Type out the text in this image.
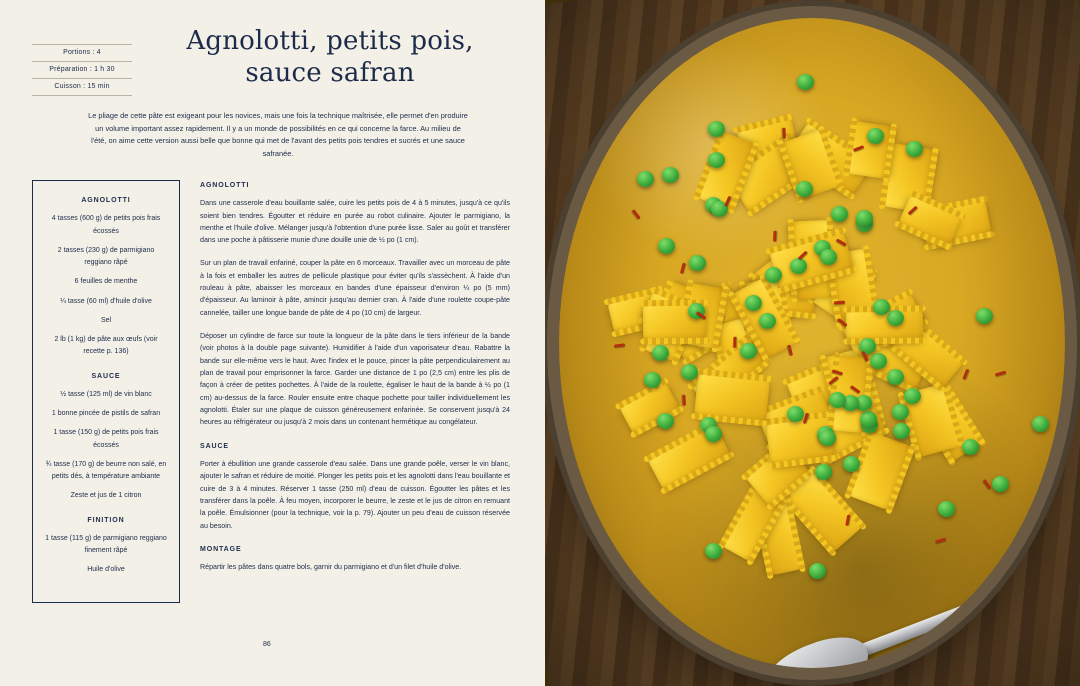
Portions : 4
Préparation : 1 h 30
Cuisson : 15 min
Agnolotti, petits pois,
sauce safran
Le pliage de cette pâte est exigeant pour les novices, mais une fois la technique maîtrisée, elle permet d'en produire un volume important assez rapidement. Il y a un monde de possibilités en ce qui concerne la farce. Au milieu de l'été, on aime cette version aussi belle que bonne qui met de l'avant des petits pois tendres et sucrés et une sauce safranée.
AGNOLOTTI
4 tasses (600 g) de petits pois frais écossés
2 tasses (230 g) de parmigiano reggiano râpé
6 feuilles de menthe
¼ tasse (60 ml) d'huile d'olive
Sel
2 lb (1 kg) de pâte aux œufs (voir recette p. 136)
SAUCE
½ tasse (125 ml) de vin blanc
1 bonne pincée de pistils de safran
1 tasse (150 g) de petits pois frais écossés
¾ tasse (170 g) de beurre non salé, en petits dés, à température ambiante
Zeste et jus de 1 citron
FINITION
1 tasse (115 g) de parmigiano reggiano finement râpé
Huile d'olive
AGNOLOTTI

Dans une casserole d'eau bouillante salée, cuire les petits pois de 4 à 5 minutes, jusqu'à ce qu'ils soient bien tendres. Égoutter et réduire en purée au robot culinaire. Ajouter le parmigiano, la menthe et l'huile d'olive. Mélanger jusqu'à l'obtention d'une purée lisse. Saler au goût et transférer dans une poche à pâtisserie munie d'une douille unie de ½ po (1 cm).

Sur un plan de travail enfariné, couper la pâte en 6 morceaux. Travailler avec un morceau de pâte à la fois et emballer les autres de pellicule plastique pour éviter qu'ils s'assèchent. À l'aide d'un rouleau à pâte, abaisser les morceaux en bandes d'une épaisseur d'environ ¼ po (5 mm) d'épaisseur. Au laminoir à pâte, amincir jusqu'au dernier cran. À l'aide d'une roulette coupe-pâte cannelée, tailler une longue bande de pâte de 4 po (10 cm) de largeur.

Déposer un cylindre de farce sur toute la longueur de la pâte dans le tiers inférieur de la bande (voir photos à la double page suivante). Humidifier à l'aide d'un vaporisateur d'eau. Rabattre la bande sur elle-même vers le haut. Avec l'index et le pouce, pincer la pâte perpendiculairement au plan de travail pour emprisonner la farce. Garder une distance de 1 po (2,5 cm) entre les plis de façon à créer de petites pochettes. À l'aide de la roulette, égaliser le haut de la bande à ½ po (1 cm) au-dessus de la farce. Rouler ensuite entre chaque pochette pour tailler individuellement les agnolotti. Étaler sur une plaque de cuisson généreusement enfarinée. Se conservent jusqu'à 24 heures au réfrigérateur ou jusqu'à 2 mois dans un contenant hermétique au congélateur.

SAUCE

Porter à ébullition une grande casserole d'eau salée. Dans une grande poêle, verser le vin blanc, ajouter le safran et réduire de moitié. Plonger les petits pois et les agnolotti dans l'eau bouillante et cuire de 3 à 4 minutes. Réserver 1 tasse (250 ml) d'eau de cuisson. Égoutter les pâtes et les transférer dans la poêle. À feu moyen, incorporer le beurre, le zeste et le jus de citron en remuant la poêle. Émulsionner (pour la technique, voir la p. 79). Ajouter un peu d'eau de cuisson réservée au besoin.

MONTAGE

Répartir les pâtes dans quatre bols, garnir du parmigiano et d'un filet d'huile d'olive.

86
